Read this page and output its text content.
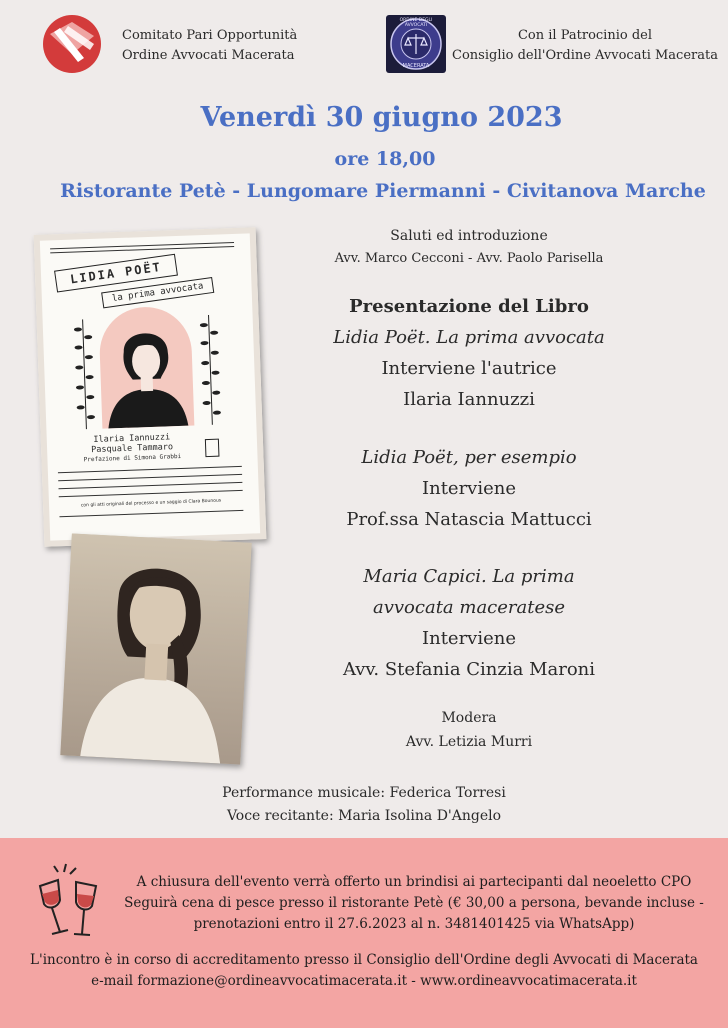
Comitato Pari Opportunità
Ordine Avvocati Macerata
ORDINE DEGLI AVVOCATI
MACERATA
Con il Patrocinio del
Consiglio dell'Ordine Avvocati Macerata
Venerdì 30 giugno 2023
ore 18,00
Ristorante Petè - Lungomare Piermanni - Civitanova Marche
LIDIA POËT
la prima avvocata
Ilaria Iannuzzi
Pasquale Tammaro
Prefazione di Simona Grabbi
con gli atti originali del processo e un saggio di Clara Bounous
Saluti ed introduzione
Avv. Marco Cecconi - Avv. Paolo Parisella
Presentazione del Libro
Lidia Poët. La prima avvocata
Interviene l'autrice
Ilaria Iannuzzi
Lidia Poët, per esempio
Interviene
Prof.ssa Natascia Mattucci
Maria Capici. La prima
avvocata maceratese
Interviene
Avv. Stefania Cinzia Maroni
Modera
Avv. Letizia Murri
Performance musicale: Federica Torresi
Voce recitante: Maria Isolina D'Angelo
A chiusura dell'evento verrà offerto un brindisi ai partecipanti dal neoeletto CPO
Seguirà cena di pesce presso il ristorante Petè (€ 30,00 a persona, bevande incluse -
prenotazioni entro il 27.6.2023 al n. 3481401425 via WhatsApp)
L'incontro è in corso di accreditamento presso il Consiglio dell'Ordine degli Avvocati di Macerata
e-mail formazione@ordineavvocatimacerata.it - www.ordineavvocatimacerata.it
